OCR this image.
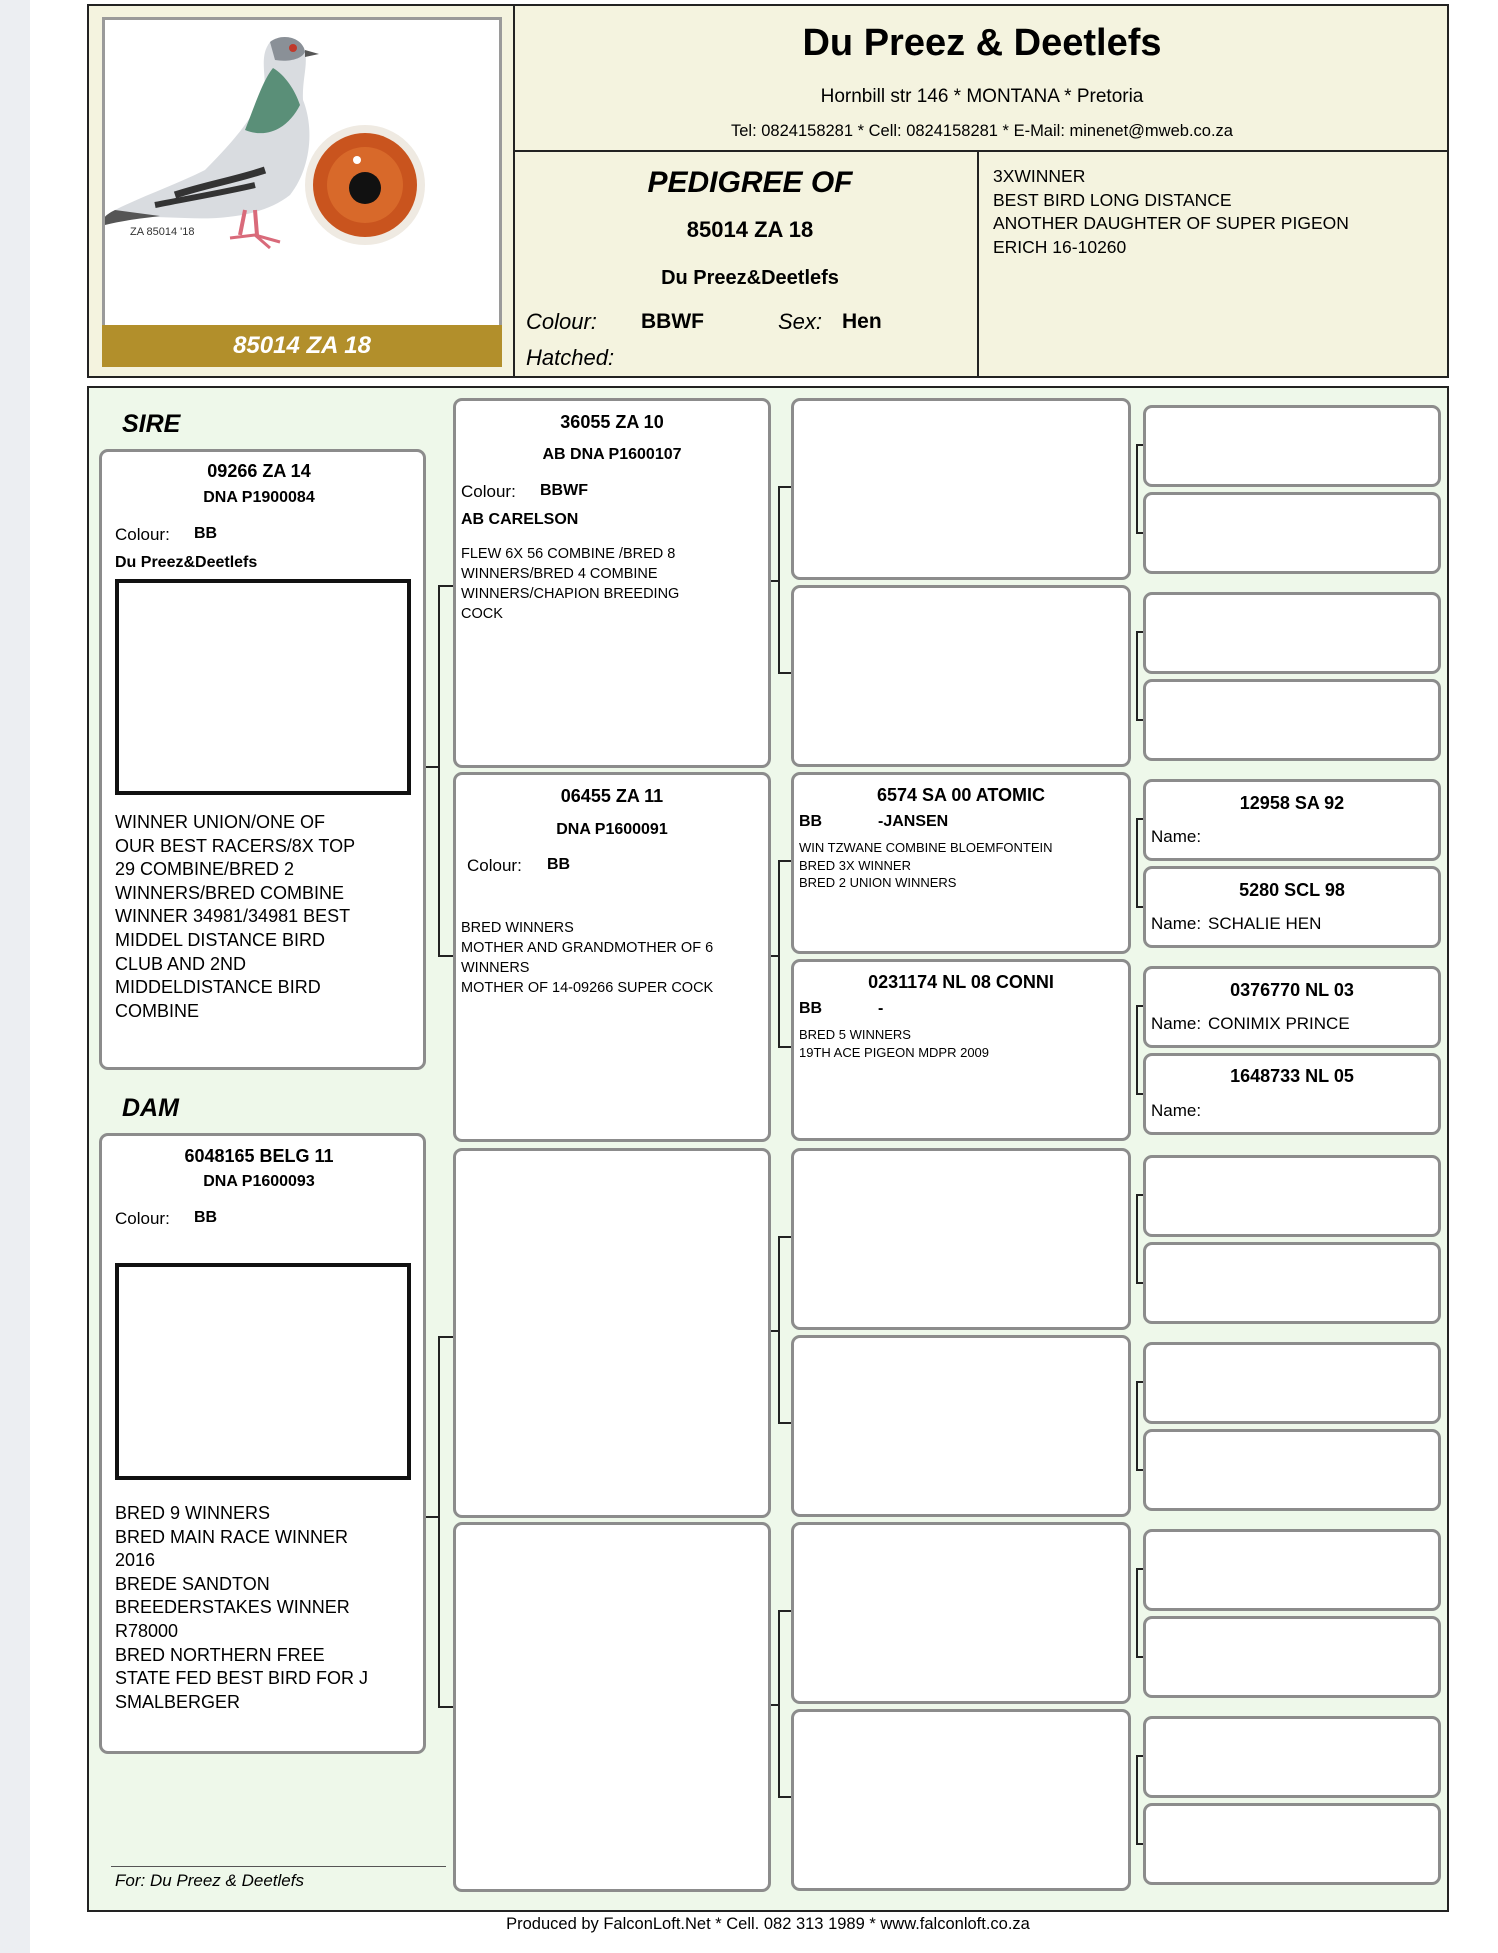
ZA 85014 '18
85014 ZA 18
Du Preez & Deetlefs
Hornbill str 146 * MONTANA * Pretoria
Tel: 0824158281 * Cell: 0824158281 * E-Mail: minenet@mweb.co.za
PEDIGREE OF
85014 ZA 18
Du Preez&Deetlefs
Colour: BBWF	Sex: Hen
Hatched:
3XWINNER
BEST BIRD LONG DISTANCE
ANOTHER DAUGHTER OF SUPER PIGEON
ERICH 16-10260
SIRE
09266 ZA 14
DNA P1900084
Colour: BB
Du Preez&Deetlefs
WINNER UNION/ONE OF
OUR BEST RACERS/8X TOP
29 COMBINE/BRED 2
WINNERS/BRED COMBINE
WINNER 34981/34981 BEST
MIDDEL DISTANCE BIRD
CLUB AND 2ND
MIDDELDISTANCE BIRD
COMBINE
DAM
6048165 BELG 11
DNA P1600093
Colour: BB
BRED 9 WINNERS
BRED MAIN RACE WINNER
2016
BREDE SANDTON
BREEDERSTAKES WINNER
R78000
BRED NORTHERN FREE
STATE FED BEST BIRD FOR J
SMALBERGER
36055 ZA 10
AB DNA P1600107
Colour: BBWF
AB CARELSON
FLEW 6X 56 COMBINE /BRED 8
WINNERS/BRED 4 COMBINE
WINNERS/CHAPION BREEDING
COCK
06455 ZA 11
DNA P1600091
Colour: BB
BRED WINNERS
MOTHER AND GRANDMOTHER OF 6
WINNERS
MOTHER OF 14-09266 SUPER COCK
6574 SA 00 ATOMIC
BB	-JANSEN
WIN TZWANE COMBINE BLOEMFONTEIN
BRED 3X WINNER
BRED 2 UNION WINNERS
0231174 NL 08 CONNI
BB	-
BRED 5 WINNERS
19TH ACE PIGEON MDPR 2009
12958 SA 92
Name:
5280 SCL 98
Name: SCHALIE HEN
0376770 NL 03
Name: CONIMIX PRINCE
1648733 NL 05
Name:
For: Du Preez & Deetlefs
Produced by FalconLoft.Net * Cell. 082 313 1989 * www.falconloft.co.za
